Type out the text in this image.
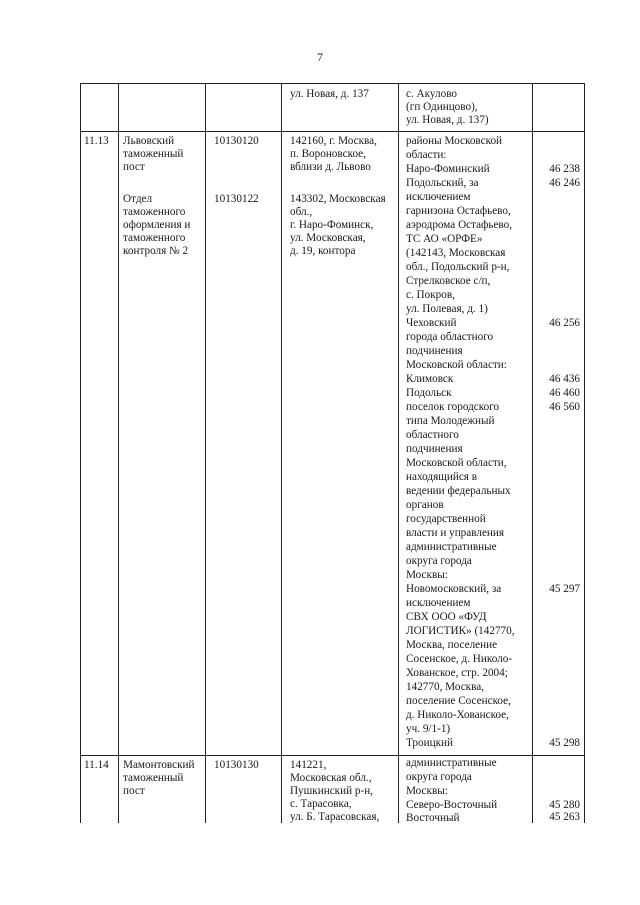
7
ул. Новая, д. 137	с. Акулово
(гп Одинцово),
ул. Новая, д. 137)
11.13 Львовский
таможенный
пост
Отдел
таможенного
оформления и
таможенного
контроля № 2
10130120
10130122
142160, г. Москва,
п. Вороновское,
вблизи д. Львово
143302, Московская
обл.,
г. Наро-Фоминск,
ул. Московская,
д. 19, контора
районы Московской
области:
Наро-Фоминский
Подольский, за
исключением
гарнизона Остафьево,
аэродрома Остафьево,
ТС АО «ОРФЕ»
(142143, Московская
обл., Подольский р-н,
Стрелковское с/п,
с. Покров,
ул. Полевая, д. 1)
Чеховский
города областного
подчинения
Московской области:
Климовск
Подольск
поселок городского
типа Молодежный
областного
подчинения
Московской области,
находящийся в
ведении федеральных
органов
государственной
власти и управления
административные
округа города
Москвы:
Новомосковский, за
исключением
СВХ ООО «ФУД
ЛОГИСТИК» (142770,
Москва, поселение
Сосенское, д. Николо-
Хованское, стр. 2004;
142770, Москва,
поселение Сосенское,
д. Николо-Хованское,
уч. 9/1-1)
Троицкий
46 238
46 246
46 256
46 436
46 460
46 560
45 297
45 298
11.14 Мамонтовский
таможенный
пост
10130130	141221,
Московская обл.,
Пушкинский р-н,
с. Тарасовка,
ул. Б. Тарасовская,
административные
округа города
Москвы:
Северо-Восточный
Восточный
45 280
45 263
